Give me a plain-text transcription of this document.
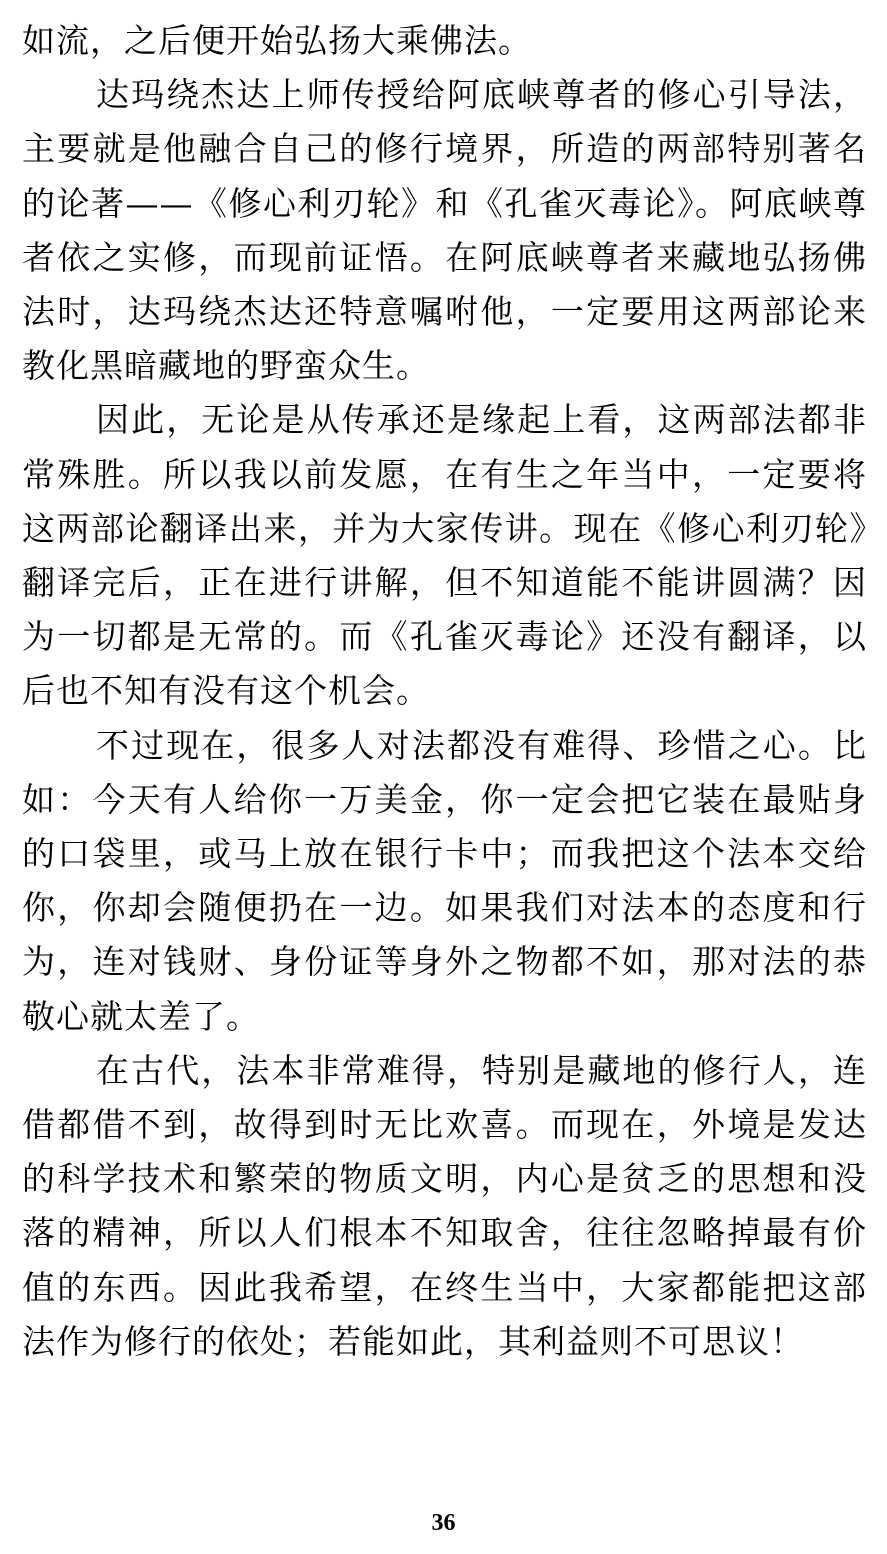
如流，之后便开始弘扬大乘佛法。

达玛绕杰达上师传授给阿底峡尊者的修心引导法，主要就是他融合自己的修行境界，所造的两部特别著名的论著——《修心利刃轮》和《孔雀灭毒论》。阿底峡尊者依之实修，而现前证悟。在阿底峡尊者来藏地弘扬佛法时，达玛绕杰达还特意嘱咐他，一定要用这两部论来教化黑暗藏地的野蛮众生。

因此，无论是从传承还是缘起上看，这两部法都非常殊胜。所以我以前发愿，在有生之年当中，一定要将这两部论翻译出来，并为大家传讲。现在《修心利刃轮》翻译完后，正在进行讲解，但不知道能不能讲圆满？因为一切都是无常的。而《孔雀灭毒论》还没有翻译，以后也不知有没有这个机会。

不过现在，很多人对法都没有难得、珍惜之心。比如：今天有人给你一万美金，你一定会把它装在最贴身的口袋里，或马上放在银行卡中；而我把这个法本交给你，你却会随便扔在一边。如果我们对法本的态度和行为，连对钱财、身份证等身外之物都不如，那对法的恭敬心就太差了。

在古代，法本非常难得，特别是藏地的修行人，连借都借不到，故得到时无比欢喜。而现在，外境是发达的科学技术和繁荣的物质文明，内心是贫乏的思想和没落的精神，所以人们根本不知取舍，往往忽略掉最有价值的东西。因此我希望，在终生当中，大家都能把这部法作为修行的依处；若能如此，其利益则不可思议！

36
